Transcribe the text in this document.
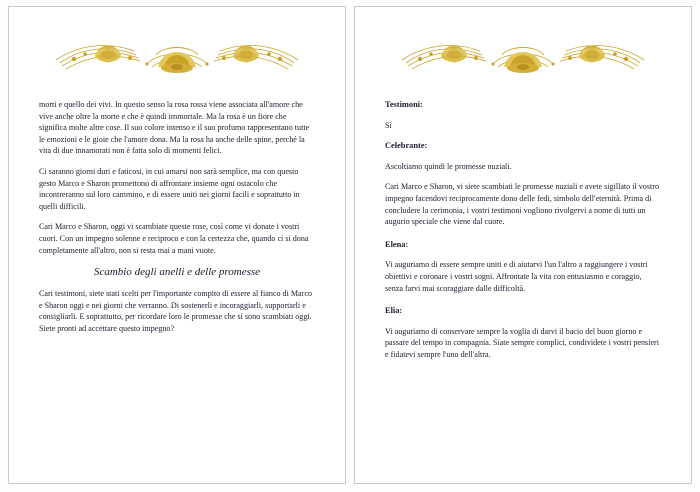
morti e quello dei vivi. In questo senso la rosa rossa viene associata all'amore che vive anche oltre la morte e che è quindi immortale. Ma la rosa è un fiore che significa molte altre cose. Il suo colore intenso e il suo profumo rappresentano tutte le emozioni e le gioie che l'amore dona. Ma la rosa ha anche delle spine, perché la vita di due innamorati non è fatta solo di momenti felici.

Ci saranno giorni duri e faticosi, in cui amarsi non sarà semplice, ma con questo gesto Marco e Sharon promettono di affrontare insieme ogni ostacolo che incontreranno sul loro cammino, e di essere uniti nei giorni facili e soprattutto in quelli difficili.

Cari Marco e Sharon, oggi vi scambiate queste rose, così come vi donate i vostri cuori. Con un impegno solenne e reciproco e con la certezza che, quando ci si dona completamente all'altro, non si resta mai a mani vuote.

Scambio degli anelli e delle promesse

Cari testimoni, siete stati scelti per l'importante compito di essere al fianco di Marco e Sharon oggi e nei giorni che verranno. Di sostenerli e incoraggiarli, supportarli e consigliarli. E soprattutto, per ricordare loro le promesse che si sono scambiati oggi. Siete pronti ad accettare questo impegno?

Testimoni:

Sì

Celebrante:

Ascoltiamo quindi le promesse nuziali.

Cari Marco e Sharon, vi siete scambiati le promesse nuziali e avete sigillato il vostro impegno facendovi reciprocamente dono delle fedi, simbolo dell'eternità. Prima di concludere la cerimonia, i vostri testimoni vogliono rivolgervi a nome di tutti un augurio speciale che viene dal cuore.

Elena:

Vi auguriamo di essere sempre uniti e di aiutarvi l'un l'altro a raggiungere i vostri obiettivi e coronare i vostri sogni. Affrontate la vita con entusiasmo e coraggio, senza farvi mai scoraggiare dalle difficoltà.

Elia:

Vi auguriamo di conservare sempre la voglia di darvi il bacio del buon giorno e passare del tempo in compagnia. Siate sempre complici, condividete i vostri pensieri e fidatevi sempre l'uno dell'altra.
